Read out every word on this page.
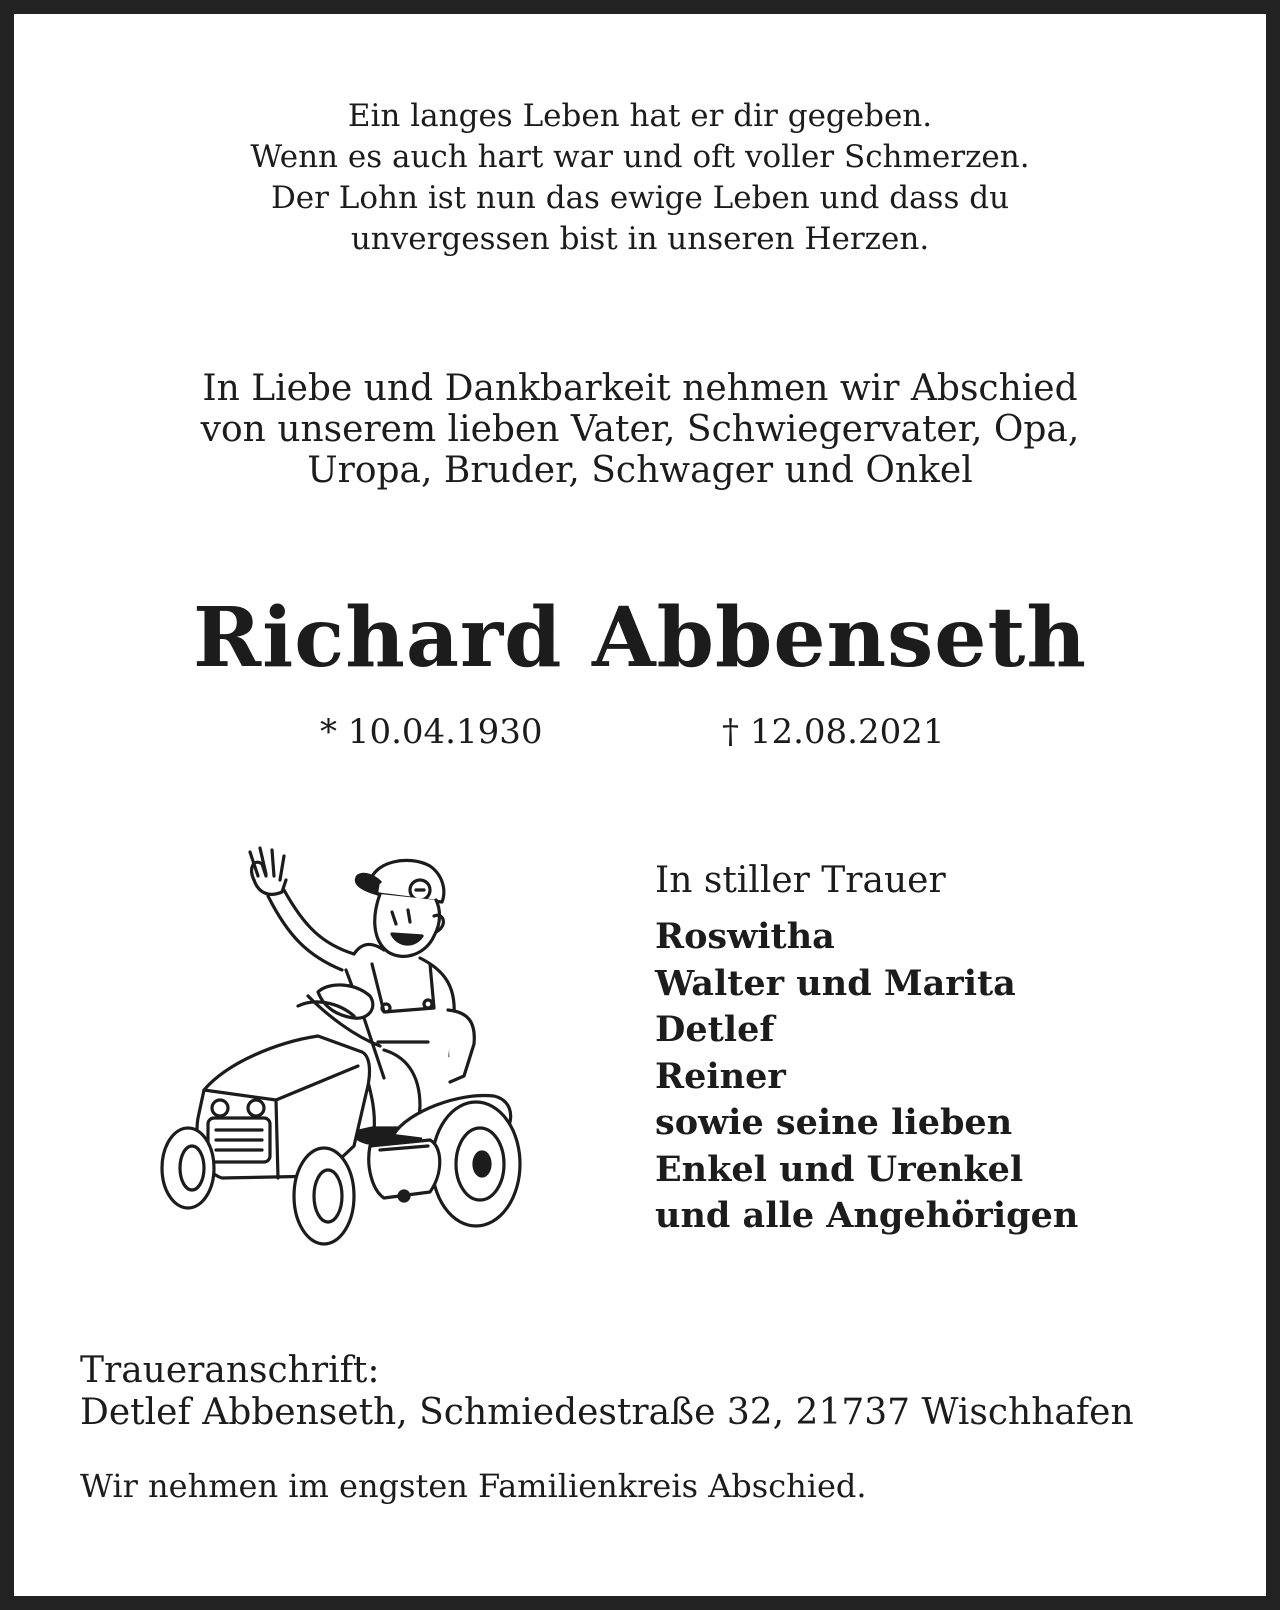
Ein langes Leben hat er dir gegeben.
Wenn es auch hart war und oft voller Schmerzen.
Der Lohn ist nun das ewige Leben und dass du
unvergessen bist in unseren Herzen.
In Liebe und Dankbarkeit nehmen wir Abschied
von unserem lieben Vater, Schwiegervater, Opa,
Uropa, Bruder, Schwager und Onkel
Richard Abbenseth
* 10.04.1930	† 12.08.2021
In stiller Trauer
Roswitha
Walter und Marita
Detlef
Reiner
sowie seine lieben
Enkel und Urenkel
und alle Angehörigen
Traueranschrift:
Detlef Abbenseth, Schmiedestraße 32, 21737 Wischhafen
Wir nehmen im engsten Familienkreis Abschied.
